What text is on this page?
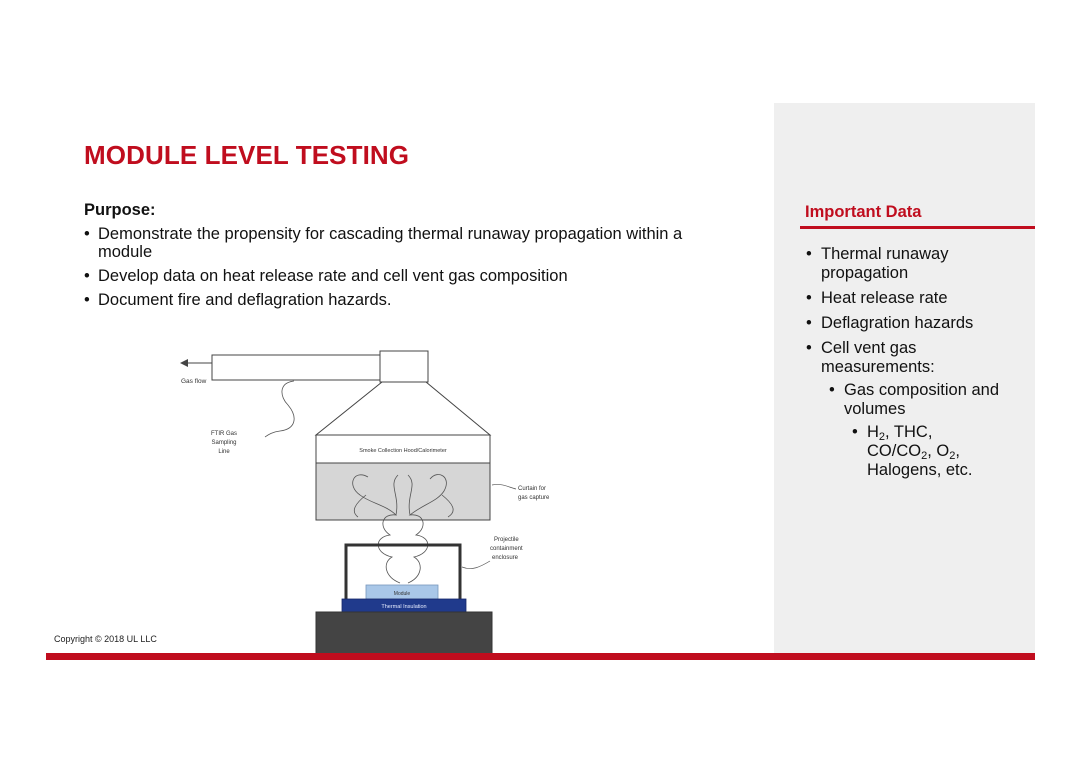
MODULE LEVEL TESTING
Purpose:
• Demonstrate the propensity for cascading thermal runaway propagation within a module
• Develop data on heat release rate and cell vent gas composition
• Document fire and deflagration hazards.
Important Data
• Thermal runaway propagation
• Heat release rate
• Deflagration hazards
• Cell vent gas measurements:
• Gas composition and volumes
• $H_2$, THC,
$CO/CO_2$, $O_2$,
Halogens, etc.
Gas flow
Smoke Collection Hood/Calorimeter
FTIR Gas
Sampling
Line
Module
Thermal Insulation
Curtain for
gas capture
Projectile
containment
enclosure
Copyright © 2018 UL LLC
